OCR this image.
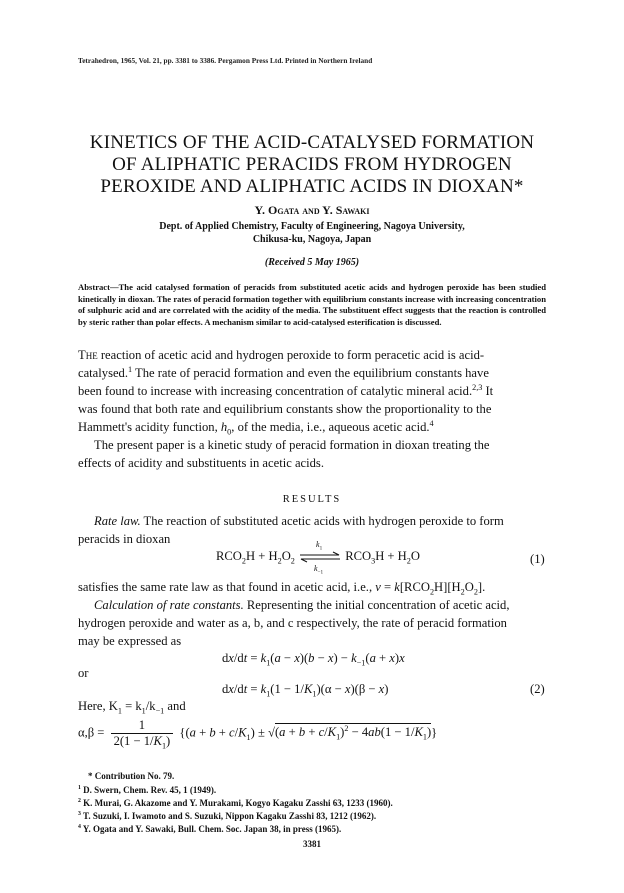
Tetrahedron, 1965, Vol. 21, pp. 3381 to 3386. Pergamon Press Ltd. Printed in Northern Ireland
KINETICS OF THE ACID-CATALYSED FORMATION
OF ALIPHATIC PERACIDS FROM HYDROGEN
PEROXIDE AND ALIPHATIC ACIDS IN DIOXAN*
Y. Ogata and Y. Sawaki
Dept. of Applied Chemistry, Faculty of Engineering, Nagoya University,
Chikusa-ku, Nagoya, Japan
(Received 5 May 1965)
Abstract—The acid catalysed formation of peracids from substituted acetic acids and hydrogen peroxide has been studied kinetically in dioxan. The rates of peracid formation together with equilibrium constants increase with increasing concentration of sulphuric acid and are correlated with the acidity of the media. The substituent effect suggests that the reaction is controlled by steric rather than polar effects. A mechanism similar to acid-catalysed esterification is discussed.
The reaction of acetic acid and hydrogen peroxide to form peracetic acid is acid-
catalysed.$^1$ The rate of peracid formation and even the equilibrium constants have
been found to increase with increasing concentration of catalytic mineral acid.$^{2,3}$ It
was found that both rate and equilibrium constants show the proportionality to the
Hammett's acidity function, $h_0$, of the media, i.e., aqueous acetic acid.$^4$
The present paper is a kinetic study of peracid formation in dioxan treating the
effects of acidity and substituents in acetic acids.
RESULTS
Rate law. The reaction of substituted acetic acids with hydrogen peroxide to form
peracids in dioxan
$RCO_2H + H_2O_2$
$k_1$
$k_{-1}$
$RCO_3H + H_2O$	(1)
satisfies the same rate law as that found in acetic acid, i.e., $v = k[RCO_2H][H_2O_2]$.
Calculation of rate constants. Representing the initial concentration of acetic acid,
hydrogen peroxide and water as a, b, and c respectively, the rate of peracid formation
may be expressed as
$dx/dt = k_1(a - x)(b - x) - k_{-1}(a + x)x$
or
$dx/dt = k_1(1 - 1/K_1)(\alpha - x)(\beta - x)$	(2)
Here, $K_1 = k_1/k_{-1}$ and
$\alpha,\beta = \frac{1}{2(1 - 1/K_1)} \{(a + b + c/K_1) \pm √(a + b + c/K_1)^2 - 4ab(1 - 1/K_1)\}$
* Contribution No. 79.
$^1$ D. Swern, Chem. Rev. 45, 1 (1949).
$^2$ K. Murai, G. Akazome and Y. Murakami, Kogyo Kagaku Zasshi 63, 1233 (1960).
$^3$ T. Suzuki, I. Iwamoto and S. Suzuki, Nippon Kagaku Zasshi 83, 1212 (1962).
$^4$ Y. Ogata and Y. Sawaki, Bull. Chem. Soc. Japan 38, in press (1965).
3381
